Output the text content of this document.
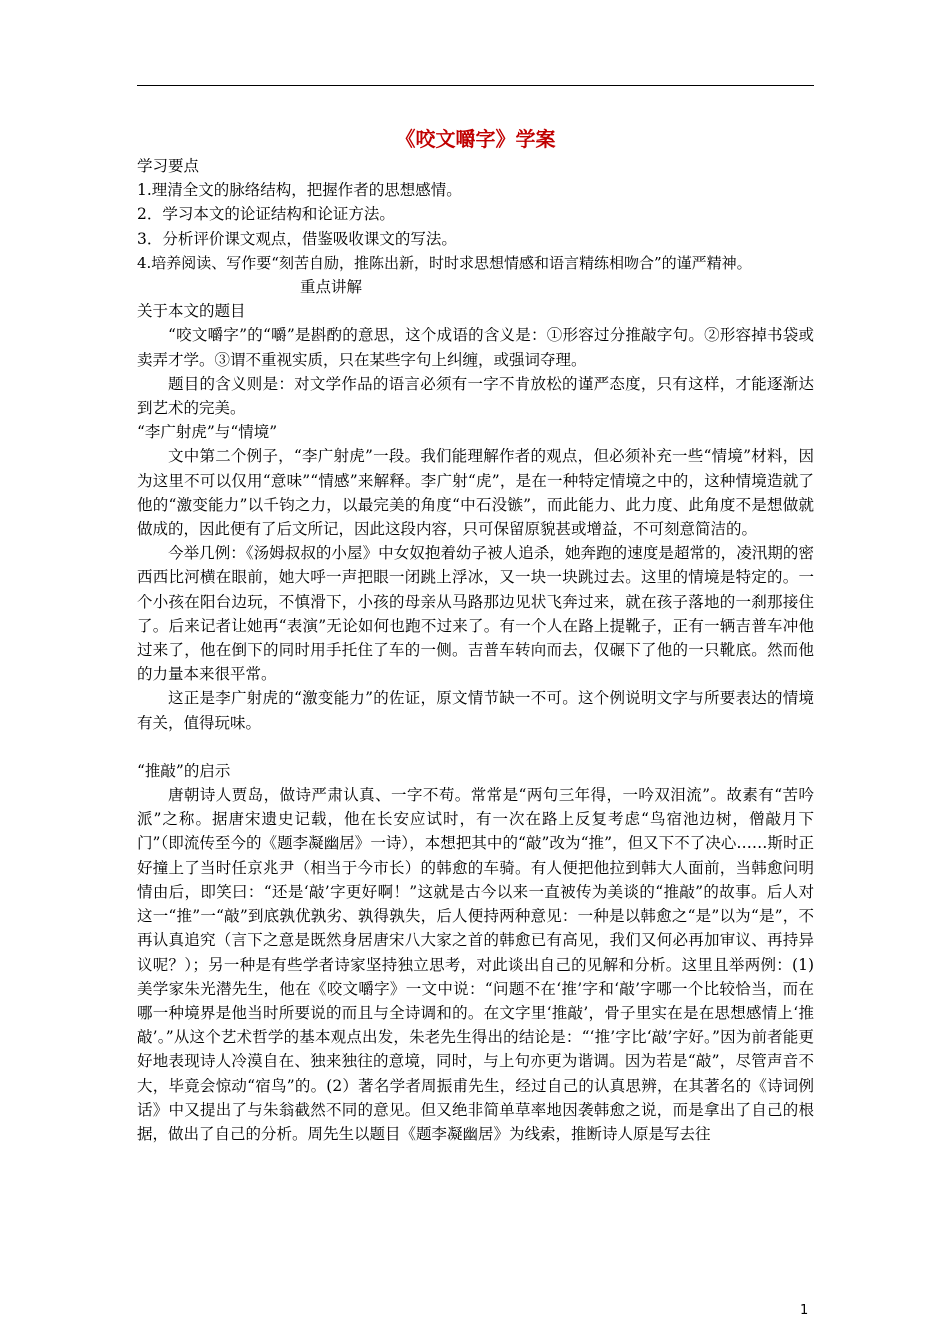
《咬文嚼字》学案
学习要点
1.理清全文的脉络结构，把握作者的思想感情。
2．学习本文的论证结构和论证方法。
3．分析评价课文观点，借鉴吸收课文的写法。
4.培养阅读、写作要“刻苦自励，推陈出新，时时求思想情感和语言精练相吻合”的谨严精神。
重点讲解
关于本文的题目
“咬文嚼字”的“嚼”是斟酌的意思，这个成语的含义是：①形容过分推敲字句。②形容掉书袋或卖弄才学。③谓不重视实质，只在某些字句上纠缠，或强词夺理。
题目的含义则是：对文学作品的语言必须有一字不肯放松的谨严态度，只有这样，才能逐渐达到艺术的完美。
“李广射虎”与“情境”
文中第二个例子，“李广射虎”一段。我们能理解作者的观点，但必须补充一些“情境”材料，因为这里不可以仅用“意味”“情感”来解释。李广射“虎”，是在一种特定情境之中的，这种情境造就了他的“激变能力”以千钧之力，以最完美的角度“中石没镞”，而此能力、此力度、此角度不是想做就做成的，因此便有了后文所记，因此这段内容，只可保留原貌甚或增益，不可刻意简洁的。
今举几例：《汤姆叔叔的小屋》中女奴抱着幼子被人追杀，她奔跑的速度是超常的，凌汛期的密西西比河横在眼前，她大呼一声把眼一闭跳上浮冰，又一块一块跳过去。这里的情境是特定的。一个小孩在阳台边玩，不慎滑下，小孩的母亲从马路那边见状飞奔过来，就在孩子落地的一刹那接住了。后来记者让她再“表演”无论如何也跑不过来了。有一个人在路上提靴子，正有一辆吉普车冲他过来了，他在倒下的同时用手托住了车的一侧。吉普车转向而去，仅碾下了他的一只靴底。然而他的力量本来很平常。
这正是李广射虎的“激变能力”的佐证，原文情节缺一不可。这个例说明文字与所要表达的情境有关，值得玩味。
“推敲”的启示
唐朝诗人贾岛，做诗严肃认真、一字不苟。常常是“两句三年得，一吟双泪流”。故素有“苦吟派”之称。据唐宋遗史记载，他在长安应试时，有一次在路上反复考虑“鸟宿池边树，僧敲月下门”（即流传至今的《题李凝幽居》一诗），本想把其中的“敲”改为“推”，但又下不了决心……斯时正好撞上了当时任京兆尹（相当于今市长）的韩愈的车骑。有人便把他拉到韩大人面前，当韩愈问明情由后，即笑曰：“还是‘敲’字更好啊！”这就是古今以来一直被传为美谈的“推敲”的故事。后人对这一“推”一“敲”到底孰优孰劣、孰得孰失，后人便持两种意见：一种是以韩愈之“是”以为“是”，不再认真追究（言下之意是既然身居唐宋八大家之首的韩愈已有高见，我们又何必再加审议、再持异议呢？）；另一种是有些学者诗家坚持独立思考，对此谈出自己的见解和分析。这里且举两例：(1)美学家朱光潜先生，他在《咬文嚼字》一文中说：“问题不在‘推’字和‘敲’字哪一个比较恰当，而在哪一种境界是他当时所要说的而且与全诗调和的。在文字里‘推敲’，骨子里实在是在思想感情上‘推敲’。”从这个艺术哲学的基本观点出发，朱老先生得出的结论是：“‘推’字比‘敲’字好。”因为前者能更好地表现诗人冷漠自在、独来独往的意境，同时，与上句亦更为谐调。因为若是“敲”，尽管声音不大，毕竟会惊动“宿鸟”的。(2）著名学者周振甫先生，经过自己的认真思辨，在其著名的《诗词例话》中又提出了与朱翁截然不同的意见。但又绝非简单草率地因袭韩愈之说，而是拿出了自己的根据，做出了自己的分析。周先生以题目《题李凝幽居》为线索，推断诗人原是写去往
1
